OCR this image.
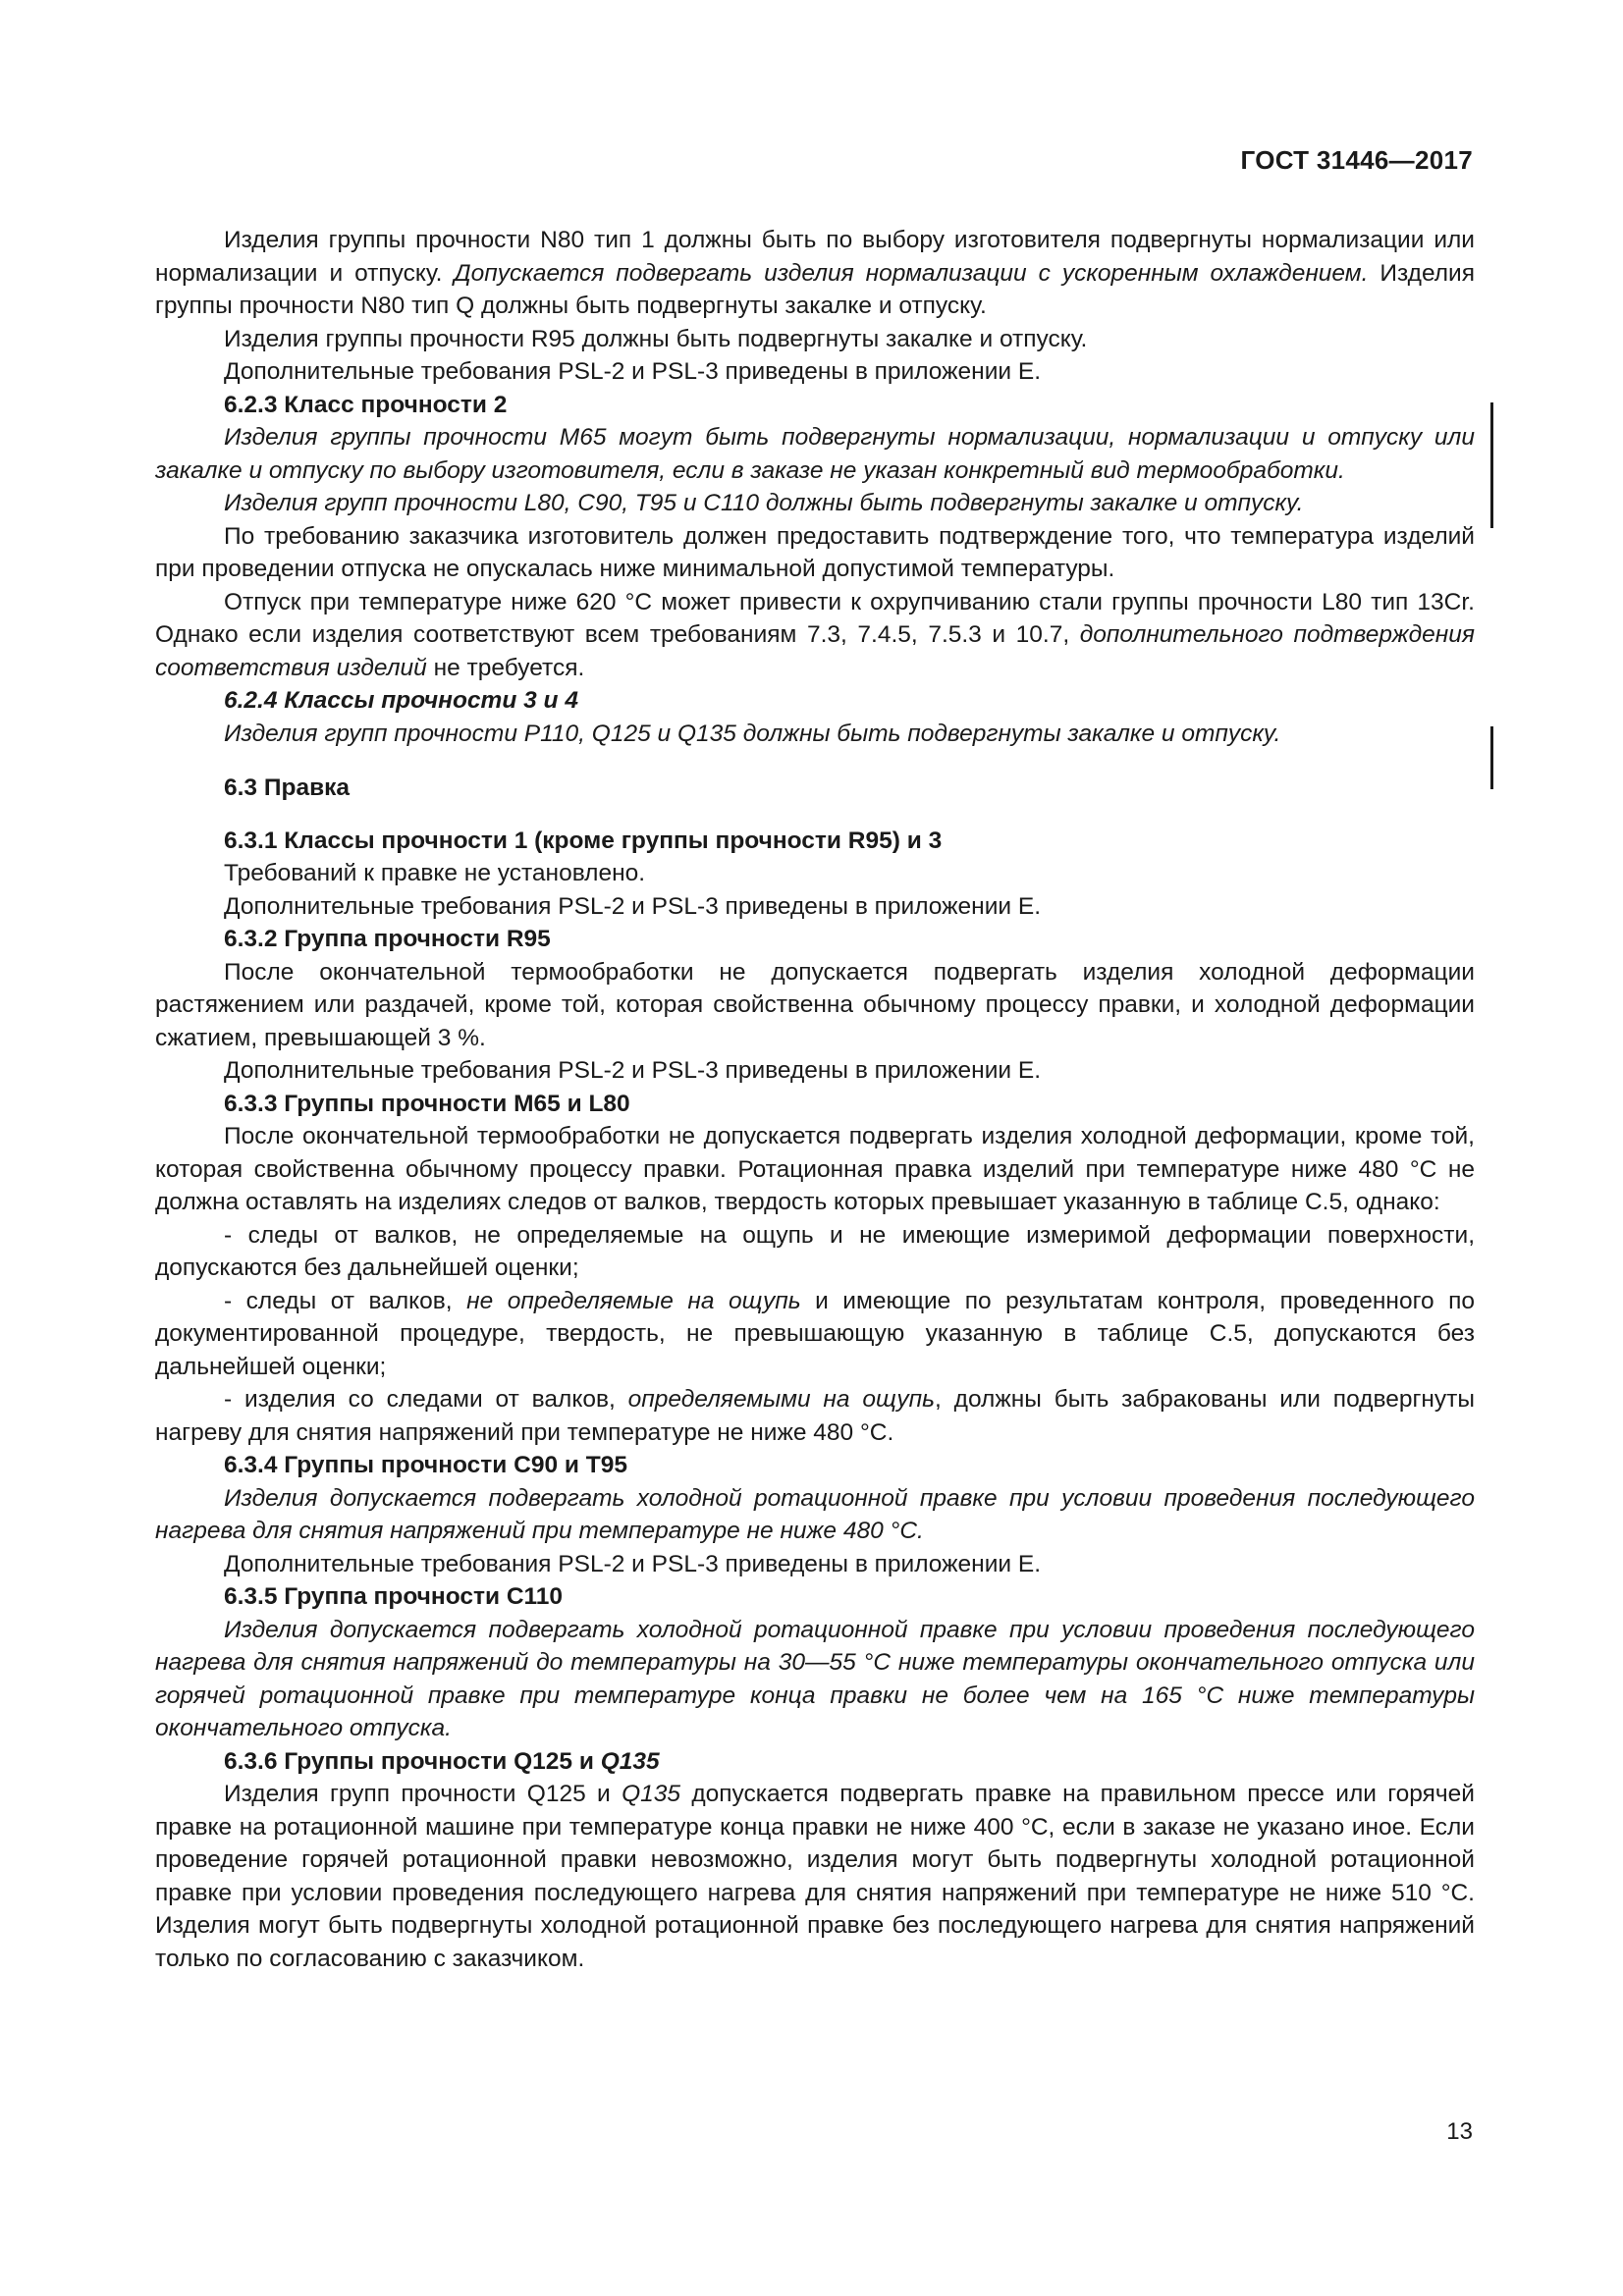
ГОСТ 31446—2017

Изделия группы прочности N80 тип 1 должны быть по выбору изготовителя подвергнуты нормализации или нормализации и отпуску. Допускается подвергать изделия нормализации с ускоренным охлаждением. Изделия группы прочности N80 тип Q должны быть подвергнуты закалке и отпуску.

Изделия группы прочности R95 должны быть подвергнуты закалке и отпуску.

Дополнительные требования PSL-2 и PSL-3 приведены в приложении Е.

6.2.3 Класс прочности 2

Изделия группы прочности M65 могут быть подвергнуты нормализации, нормализации и отпуску или закалке и отпуску по выбору изготовителя, если в заказе не указан конкретный вид термообработки.

Изделия групп прочности L80, C90, T95 и C110 должны быть подвергнуты закалке и отпуску.

По требованию заказчика изготовитель должен предоставить подтверждение того, что температура изделий при проведении отпуска не опускалась ниже минимальной допустимой температуры.

Отпуск при температуре ниже 620 °С может привести к охрупчиванию стали группы прочности L80 тип 13Cr. Однако если изделия соответствуют всем требованиям 7.3, 7.4.5, 7.5.3 и 10.7, дополнительного подтверждения соответствия изделий не требуется.

6.2.4 Классы прочности 3 и 4

Изделия групп прочности P110, Q125 и Q135 должны быть подвергнуты закалке и отпуску.

6.3 Правка

6.3.1 Классы прочности 1 (кроме группы прочности R95) и 3

Требований к правке не установлено.

Дополнительные требования PSL-2 и PSL-3 приведены в приложении Е.

6.3.2 Группа прочности R95

После окончательной термообработки не допускается подвергать изделия холодной деформации растяжением или раздачей, кроме той, которая свойственна обычному процессу правки, и холодной деформации сжатием, превышающей 3 %.

Дополнительные требования PSL-2 и PSL-3 приведены в приложении Е.

6.3.3 Группы прочности M65 и L80

После окончательной термообработки не допускается подвергать изделия холодной деформации, кроме той, которая свойственна обычному процессу правки. Ротационная правка изделий при температуре ниже 480 °С не должна оставлять на изделиях следов от валков, твердость которых превышает указанную в таблице С.5, однако:

- следы от валков, не определяемые на ощупь и не имеющие измеримой деформации поверхности, допускаются без дальнейшей оценки;

- следы от валков, не определяемые на ощупь и имеющие по результатам контроля, проведенного по документированной процедуре, твердость, не превышающую указанную в таблице С.5, допускаются без дальнейшей оценки;

- изделия со следами от валков, определяемыми на ощупь, должны быть забракованы или подвергнуты нагреву для снятия напряжений при температуре не ниже 480 °С.

6.3.4 Группы прочности C90 и T95

Изделия допускается подвергать холодной ротационной правке при условии проведения последующего нагрева для снятия напряжений при температуре не ниже 480 °С.

Дополнительные требования PSL-2 и PSL-3 приведены в приложении Е.

6.3.5 Группа прочности C110

Изделия допускается подвергать холодной ротационной правке при условии проведения последующего нагрева для снятия напряжений до температуры на 30—55 °С ниже температуры окончательного отпуска или горячей ротационной правке при температуре конца правки не более чем на 165 °С ниже температуры окончательного отпуска.

6.3.6 Группы прочности Q125 и Q135

Изделия групп прочности Q125 и Q135 допускается подвергать правке на правильном прессе или горячей правке на ротационной машине при температуре конца правки не ниже 400 °С, если в заказе не указано иное. Если проведение горячей ротационной правки невозможно, изделия могут быть подвергнуты холодной ротационной правке при условии проведения последующего нагрева для снятия напряжений при температуре не ниже 510 °С. Изделия могут быть подвергнуты холодной ротационной правке без последующего нагрева для снятия напряжений только по согласованию с заказчиком.

13
